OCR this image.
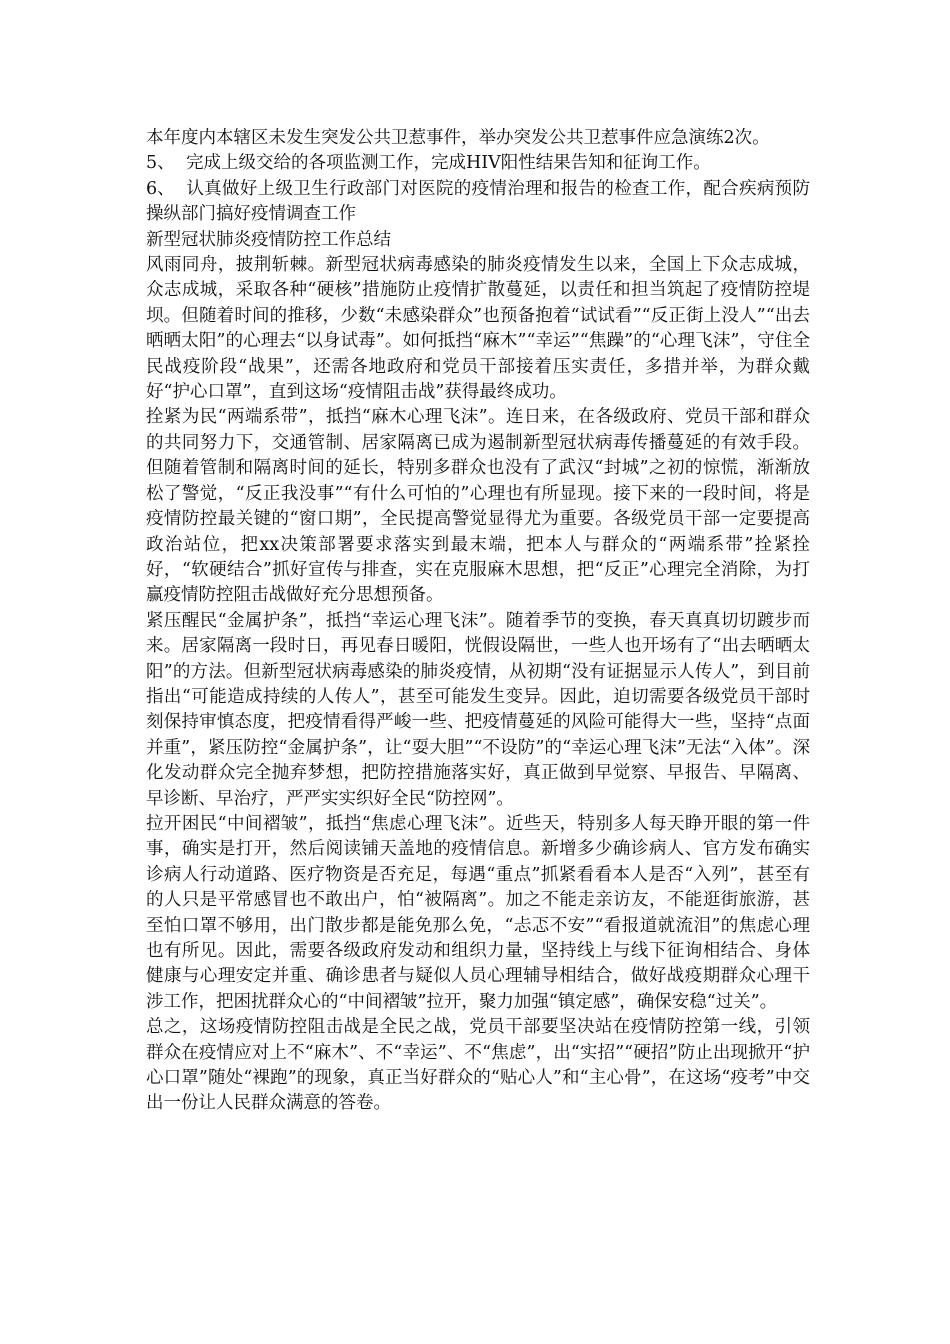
本年度内本辖区未发生突发公共卫惹事件，举办突发公共卫惹事件应急演练2次。

5、 完成上级交给的各项监测工作，完成HIV阳性结果告知和征询工作。

6、 认真做好上级卫生行政部门对医院的疫情治理和报告的检查工作，配合疾病预防操纵部门搞好疫情调查工作

新型冠状肺炎疫情防控工作总结

风雨同舟，披荆斩棘。新型冠状病毒感染的肺炎疫情发生以来，全国上下众志成城，众志成城，采取各种“硬核”措施防止疫情扩散蔓延，以责任和担当筑起了疫情防控堤坝。但随着时间的推移，少数“未感染群众”也预备抱着“试试看”“反正街上没人”“出去晒晒太阳”的心理去“以身试毒”。如何抵挡“麻木”“幸运”“焦躁”的“心理飞沫”，守住全民战疫阶段“战果”，还需各地政府和党员干部接着压实责任，多措并举，为群众戴好“护心口罩”，直到这场“疫情阻击战”获得最终成功。

拴紧为民“两端系带”，抵挡“麻木心理飞沫”。连日来，在各级政府、党员干部和群众的共同努力下，交通管制、居家隔离已成为遏制新型冠状病毒传播蔓延的有效手段。但随着管制和隔离时间的延长，特别多群众也没有了武汉“封城”之初的惊慌，渐渐放松了警觉，“反正我没事”“有什么可怕的”心理也有所显现。接下来的一段时间，将是疫情防控最关键的“窗口期”，全民提高警觉显得尤为重要。各级党员干部一定要提高政治站位，把xx决策部署要求落实到最末端，把本人与群众的“两端系带”拴紧拴好，“软硬结合”抓好宣传与排查，实在克服麻木思想，把“反正”心理完全消除，为打赢疫情防控阻击战做好充分思想预备。

紧压醒民“金属护条”，抵挡“幸运心理飞沫”。随着季节的变换，春天真真切切踱步而来。居家隔离一段时日，再见春日暖阳，恍假设隔世，一些人也开场有了“出去晒晒太阳”的方法。但新型冠状病毒感染的肺炎疫情，从初期“没有证据显示人传人”，到目前指出“可能造成持续的人传人”，甚至可能发生变异。因此，迫切需要各级党员干部时刻保持审慎态度，把疫情看得严峻一些、把疫情蔓延的风险可能得大一些，坚持“点面并重”，紧压防控“金属护条”，让“耍大胆”“不设防”的“幸运心理飞沫”无法“入体”。深化发动群众完全抛弃梦想，把防控措施落实好，真正做到早觉察、早报告、早隔离、早诊断、早治疗，严严实实织好全民“防控网”。

拉开困民“中间褶皱”，抵挡“焦虑心理飞沫”。近些天，特别多人每天睁开眼的第一件事，确实是打开，然后阅读铺天盖地的疫情信息。新增多少确诊病人、官方发布确实诊病人行动道路、医疗物资是否充足，每遇“重点”抓紧看看本人是否“入列”，甚至有的人只是平常感冒也不敢出户，怕“被隔离”。加之不能走亲访友，不能逛街旅游，甚至怕口罩不够用，出门散步都是能免那么免，“忐忑不安”“看报道就流泪”的焦虑心理也有所见。因此，需要各级政府发动和组织力量，坚持线上与线下征询相结合、身体健康与心理安定并重、确诊患者与疑似人员心理辅导相结合，做好战疫期群众心理干涉工作，把困扰群众心的“中间褶皱”拉开，聚力加强“镇定感”，确保安稳“过关”。

总之，这场疫情防控阻击战是全民之战，党员干部要坚决站在疫情防控第一线，引领群众在疫情应对上不“麻木”、不“幸运”、不“焦虑”，出“实招”“硬招”防止出现掀开“护心口罩”随处“裸跑”的现象，真正当好群众的“贴心人”和“主心骨”，在这场“疫考”中交出一份让人民群众满意的答卷。
